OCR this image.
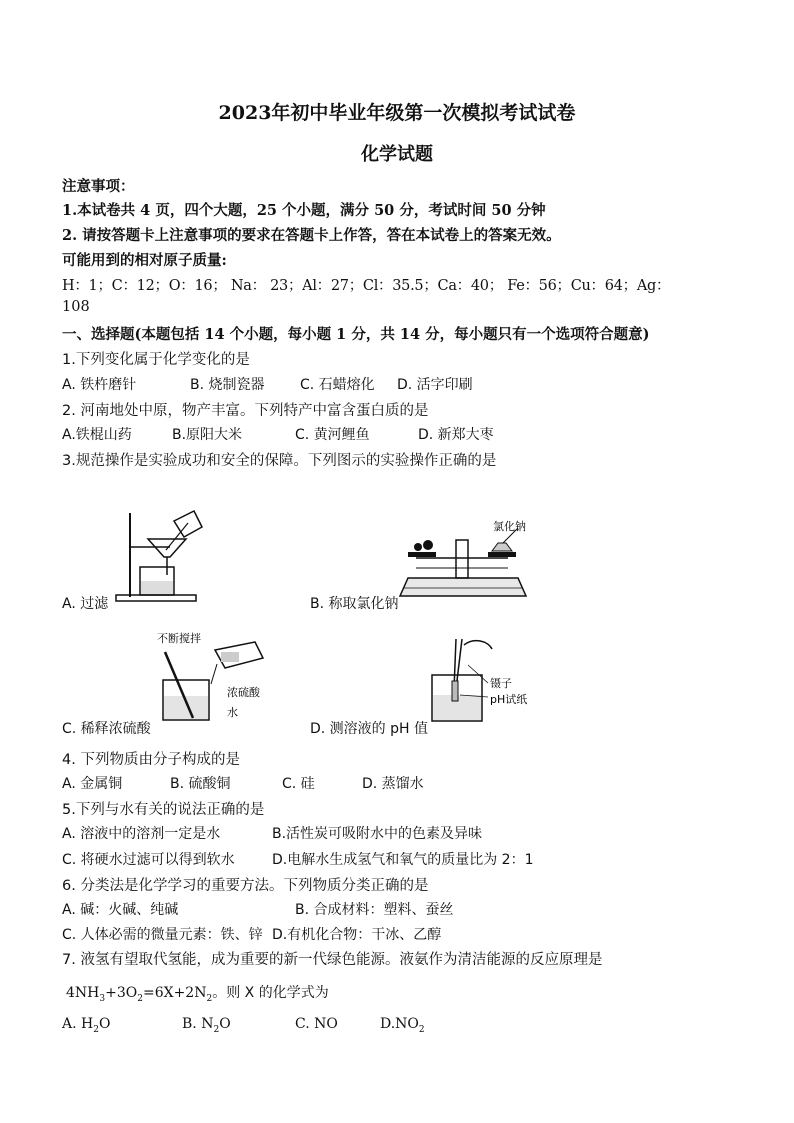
2023年初中毕业年级第一次模拟考试试卷
化学试题
注意事项：
1.本试卷共 4 页，四个大题，25 个小题，满分 50 分，考试时间 50 分钟
2. 请按答题卡上注意事项的要求在答题卡上作答，答在本试卷上的答案无效。
可能用到的相对原子质量:
H：1；C：12；O：16； Na： 23；Al：27；Cl：35.5；Ca：40； Fe：56；Cu：64；Ag：
108
一、选择题(本题包括 14 个小题，每小题 1 分，共 14 分，每小题只有一个选项符合题意)
1.下列变化属于化学变化的是
A. 铁杵磨针	B. 烧制瓷器	C. 石蜡熔化 D. 活字印刷
2. 河南地处中原，物产丰富。下列特产中富含蛋白质的是
A.铁棍山药	B.原阳大米	C. 黄河鲤鱼	D. 新郑大枣
3.规范操作是实验成功和安全的保障。下列图示的实验操作正确的是
A. 过滤
氯化钠
B. 称取氯化钠
不断搅拌
浓硫酸
水
C. 稀释浓硫酸
镊子
pH试纸
D. 测溶液的 pH 值
4. 下列物质由分子构成的是
A. 金属铜	B. 硫酸铜	C. 硅	D. 蒸馏水
5.下列与水有关的说法正确的是
A. 溶液中的溶剂一定是水	B.活性炭可吸附水中的色素及异味
C. 将硬水过滤可以得到软水	D.电解水生成氢气和氧气的质量比为 2：1
6. 分类法是化学学习的重要方法。下列物质分类正确的是
A. 碱：火碱、纯碱	B. 合成材料：塑料、蚕丝
C. 人体必需的微量元素：铁、锌 D.有机化合物：干冰、乙醇
7. 液氢有望取代氢能，成为重要的新一代绿色能源。液氨作为清洁能源的反应原理是
$4NH_3+3O_2=6X+2N_2$。则 X 的化学式为
A. $H_2O$	B. $N_2O$	C. NO	$D.NO_2$
